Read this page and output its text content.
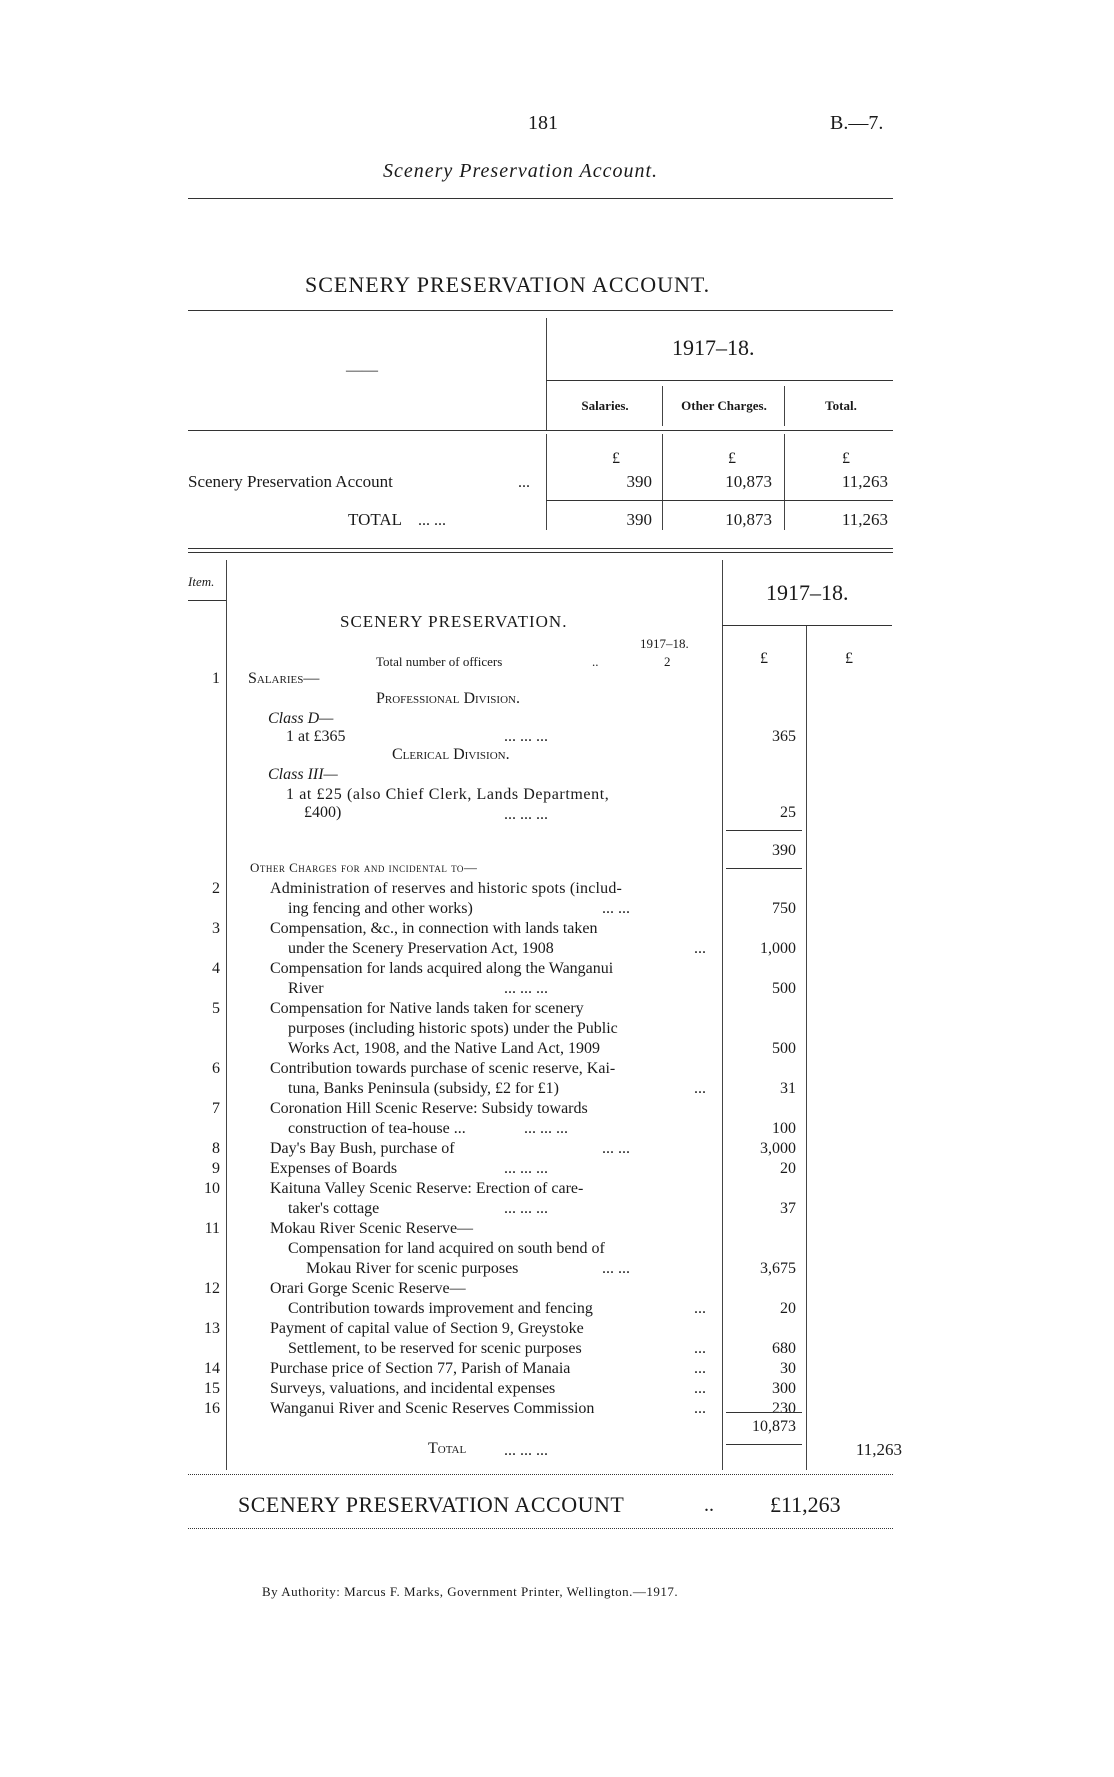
181	B.—7.
Scenery Preservation Account.
SCENERY PRESERVATION ACCOUNT.
——
1917–18.
Salaries.	Other Charges.	Total.
£	£	£
Scenery Preservation Account	...	390	10,873	11,263
TOTAL ... ...	390	10,873	11,263
Item.	1917–18.
£	£
SCENERY PRESERVATION.
1917–18.
Total number of officers	..	2
1 Salaries—
Professional Division.
Class D—
1 at £365	... ... ...	365
Clerical Division.
Class III—
1 at £25 (also Chief Clerk, Lands Department,
£400)	... ... ...	25
390
Other Charges for and incidental to—
2	Administration of reserves and historic spots (includ-
ing fencing and other works)	... ...	750
3	Compensation, &c., in connection with lands taken
under the Scenery Preservation Act, 1908	...	1,000
4	Compensation for lands acquired along the Wanganui
River	... ... ...	500
5	Compensation for Native lands taken for scenery
purposes (including historic spots) under the Public
Works Act, 1908, and the Native Land Act, 1909	500
6	Contribution towards purchase of scenic reserve, Kai-
tuna, Banks Peninsula (subsidy, £2 for £1)	...	31
7	Coronation Hill Scenic Reserve: Subsidy towards
construction of tea-house ...	... ... ...	100
8	Day's Bay Bush, purchase of	... ...	3,000
9	Expenses of Boards	... ... ...	20
10	Kaituna Valley Scenic Reserve: Erection of care-
taker's cottage	... ... ...	37
11	Mokau River Scenic Reserve—
Compensation for land acquired on south bend of
Mokau River for scenic purposes	... ...	3,675
12	Orari Gorge Scenic Reserve—
Contribution towards improvement and fencing	...	20
13	Payment of capital value of Section 9, Greystoke
Settlement, to be reserved for scenic purposes	...	680
14	Purchase price of Section 77, Parish of Manaia	...	30
15	Surveys, valuations, and incidental expenses	...	300
16	Wanganui River and Scenic Reserves Commission	...	230
10,873
Total ... ... ...	11,263
SCENERY PRESERVATION ACCOUNT	..	£11,263
By Authority: Marcus F. Marks, Government Printer, Wellington.—1917.
